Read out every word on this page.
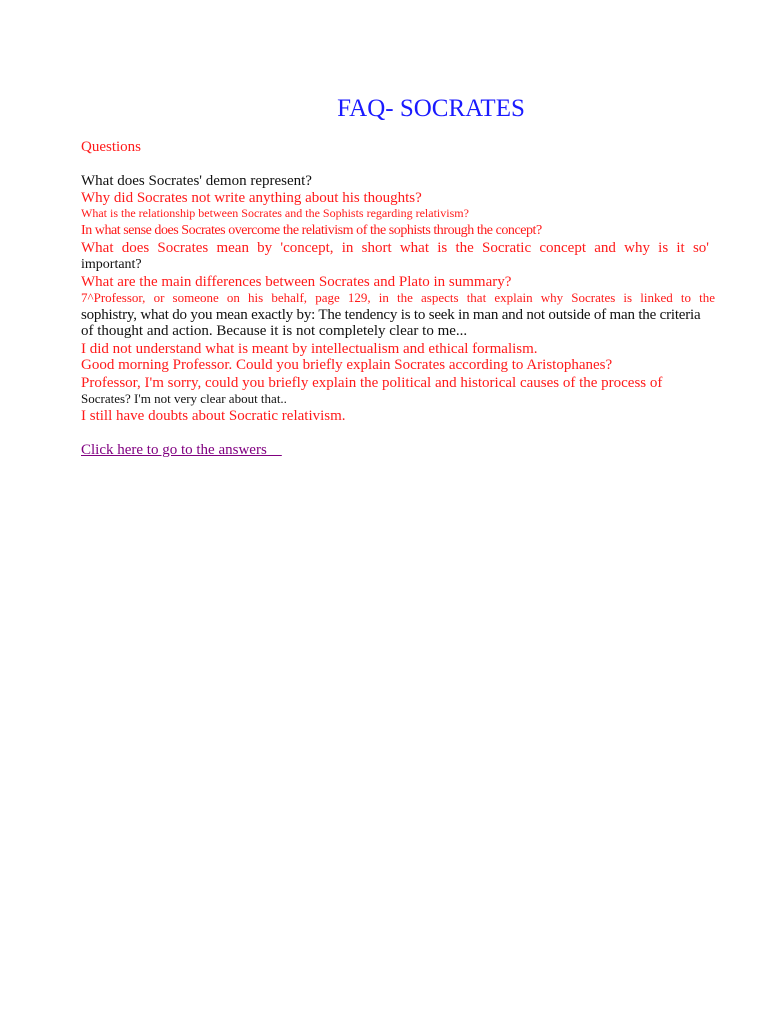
FAQ- SOCRATES
Questions
What does Socrates' demon represent?
Why did Socrates not write anything about his thoughts?
What is the relationship between Socrates and the Sophists regarding relativism?
In what sense does Socrates overcome the relativism of the sophists through the concept?
What does Socrates mean by 'concept, in short what is the Socratic concept and why is it so'
important?
What are the main differences between Socrates and Plato in summary?
7^Professor, or someone on his behalf, page 129, in the aspects that explain why Socrates is linked to the
sophistry, what do you mean exactly by: The tendency is to seek in man and not outside of man the criteria
of thought and action. Because it is not completely clear to me...
I did not understand what is meant by intellectualism and ethical formalism.
Good morning Professor. Could you briefly explain Socrates according to Aristophanes?
Professor, I'm sorry, could you briefly explain the political and historical causes of the process of
Socrates? I'm not very clear about that..
I still have doubts about Socratic relativism.
Click here to go to the answers
